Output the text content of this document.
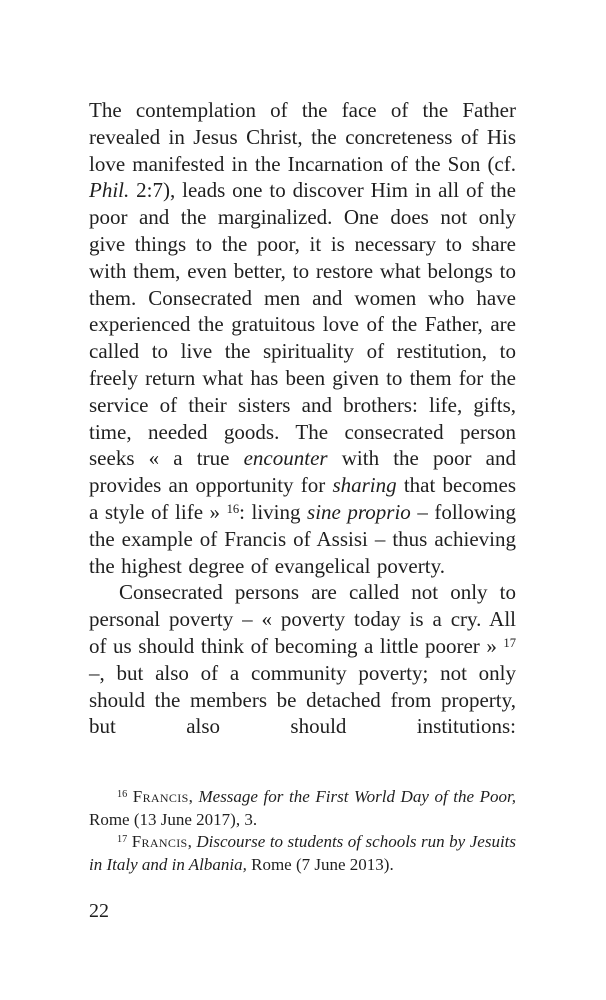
The contemplation of the face of the Father revealed in Jesus Christ, the concreteness of His love manifested in the Incarnation of the Son (cf. Phil. 2:7), leads one to discover Him in all of the poor and the marginalized. One does not only give things to the poor, it is necessary to share with them, even better, to restore what belongs to them. Consecrated men and women who have experienced the gratuitous love of the Father, are called to live the spirituality of restitution, to freely return what has been given to them for the service of their sisters and brothers: life, gifts, time, needed goods. The consecrated person seeks « a true encounter with the poor and provides an opportunity for sharing that becomes a style of life » $^{16}$: living sine proprio – following the example of Francis of Assisi – thus achieving the highest degree of evangelical poverty.

Consecrated persons are called not only to personal poverty – « poverty today is a cry. All of us should think of becoming a little poorer » $^{17}$ –, but also of a community poverty; not only should the members be detached from property, but also should institutions:

$^{16}$ Francis, Message for the First World Day of the Poor, Rome (13 June 2017), 3.
$^{17}$ Francis, Discourse to students of schools run by Jesuits in Italy and in Albania, Rome (7 June 2013).
22
